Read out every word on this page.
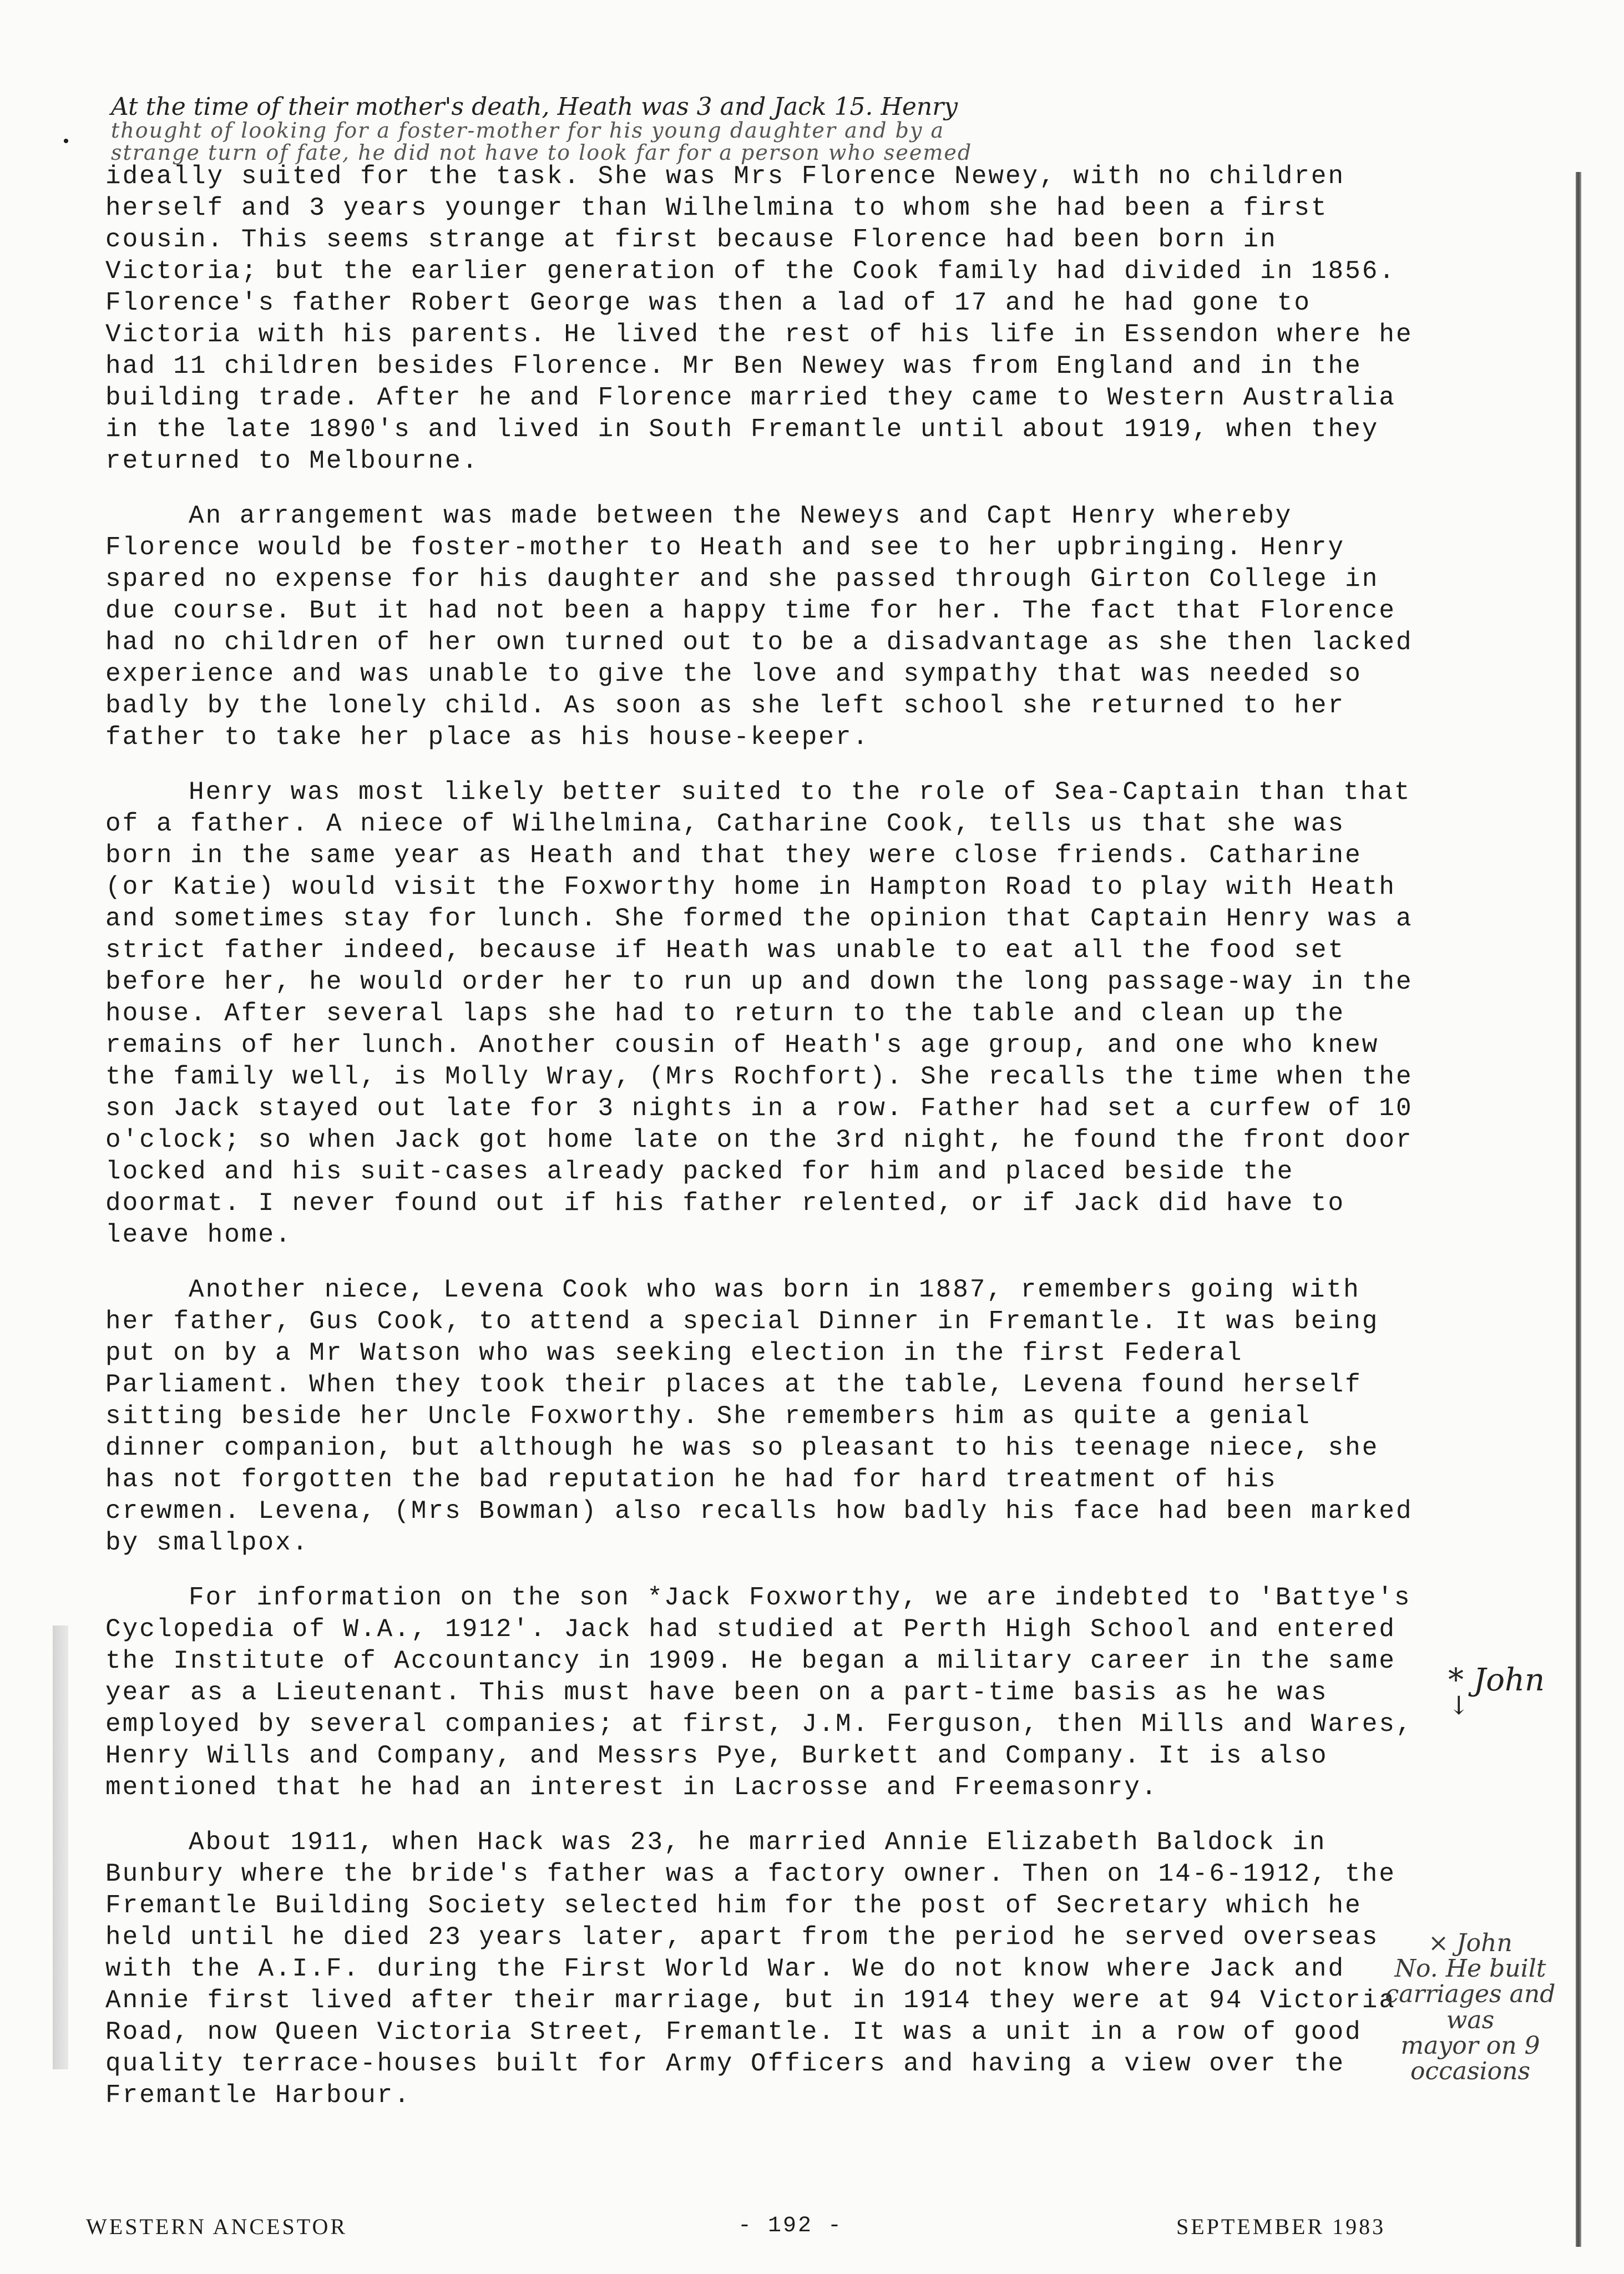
•
At the time of their mother's death, Heath was 3 and Jack 15. Henry
thought of looking for a foster-mother for his young daughter and by a
strange turn of fate, he did not have to look far for a person who seemed

ideally suited for the task. She was Mrs Florence Newey, with no children herself and 3 years younger than Wilhelmina to whom she had been a first cousin. This seems strange at first because Florence had been born in Victoria; but the earlier generation of the Cook family had divided in 1856. Florence's father Robert George was then a lad of 17 and he had gone to Victoria with his parents. He lived the rest of his life in Essendon where he had 11 children besides Florence. Mr Ben Newey was from England and in the building trade. After he and Florence married they came to Western Australia in the late 1890's and lived in South Fremantle until about 1919, when they returned to Melbourne.

An arrangement was made between the Neweys and Capt Henry whereby Florence would be foster-mother to Heath and see to her upbringing. Henry spared no expense for his daughter and she passed through Girton College in due course. But it had not been a happy time for her. The fact that Florence had no children of her own turned out to be a disadvantage as she then lacked experience and was unable to give the love and sympathy that was needed so badly by the lonely child. As soon as she left school she returned to her father to take her place as his house-keeper.

Henry was most likely better suited to the role of Sea-Captain than that of a father. A niece of Wilhelmina, Catharine Cook, tells us that she was born in the same year as Heath and that they were close friends. Catharine (or Katie) would visit the Foxworthy home in Hampton Road to play with Heath and sometimes stay for lunch. She formed the opinion that Captain Henry was a strict father indeed, because if Heath was unable to eat all the food set before her, he would order her to run up and down the long passage-way in the house. After several laps she had to return to the table and clean up the remains of her lunch. Another cousin of Heath's age group, and one who knew the family well, is Molly Wray, (Mrs Rochfort). She recalls the time when the son Jack stayed out late for 3 nights in a row. Father had set a curfew of 10 o'clock; so when Jack got home late on the 3rd night, he found the front door locked and his suit-cases already packed for him and placed beside the doormat. I never found out if his father relented, or if Jack did have to leave home.

Another niece, Levena Cook who was born in 1887, remembers going with her father, Gus Cook, to attend a special Dinner in Fremantle. It was being put on by a Mr Watson who was seeking election in the first Federal Parliament. When they took their places at the table, Levena found herself sitting beside her Uncle Foxworthy. She remembers him as quite a genial dinner companion, but although he was so pleasant to his teenage niece, she has not forgotten the bad reputation he had for hard treatment of his crewmen. Levena, (Mrs Bowman) also recalls how badly his face had been marked by smallpox.

For information on the son *Jack Foxworthy, we are indebted to 'Battye's Cyclopedia of W.A., 1912'. Jack had studied at Perth High School and entered the Institute of Accountancy in 1909. He began a military career in the same year as a Lieutenant. This must have been on a part-time basis as he was employed by several companies; at first, J.M. Ferguson, then Mills and Wares, Henry Wills and Company, and Messrs Pye, Burkett and Company. It is also mentioned that he had an interest in Lacrosse and Freemasonry.

About 1911, when Hack was 23, he married Annie Elizabeth Baldock in Bunbury where the bride's father was a factory owner. Then on 14-6-1912, the Fremantle Building Society selected him for the post of Secretary which he held until he died 23 years later, apart from the period he served overseas with the A.I.F. during the First World War. We do not know where Jack and Annie first lived after their marriage, but in 1914 they were at 94 Victoria Road, now Queen Victoria Street, Fremantle. It was a unit in a row of good quality terrace-houses built for Army Officers and having a view over the Fremantle Harbour.

* John
↓
× John
No. He built
carriages and was
mayor on 9
occasions
WESTERN ANCESTOR	- 192 -	SEPTEMBER 1983
